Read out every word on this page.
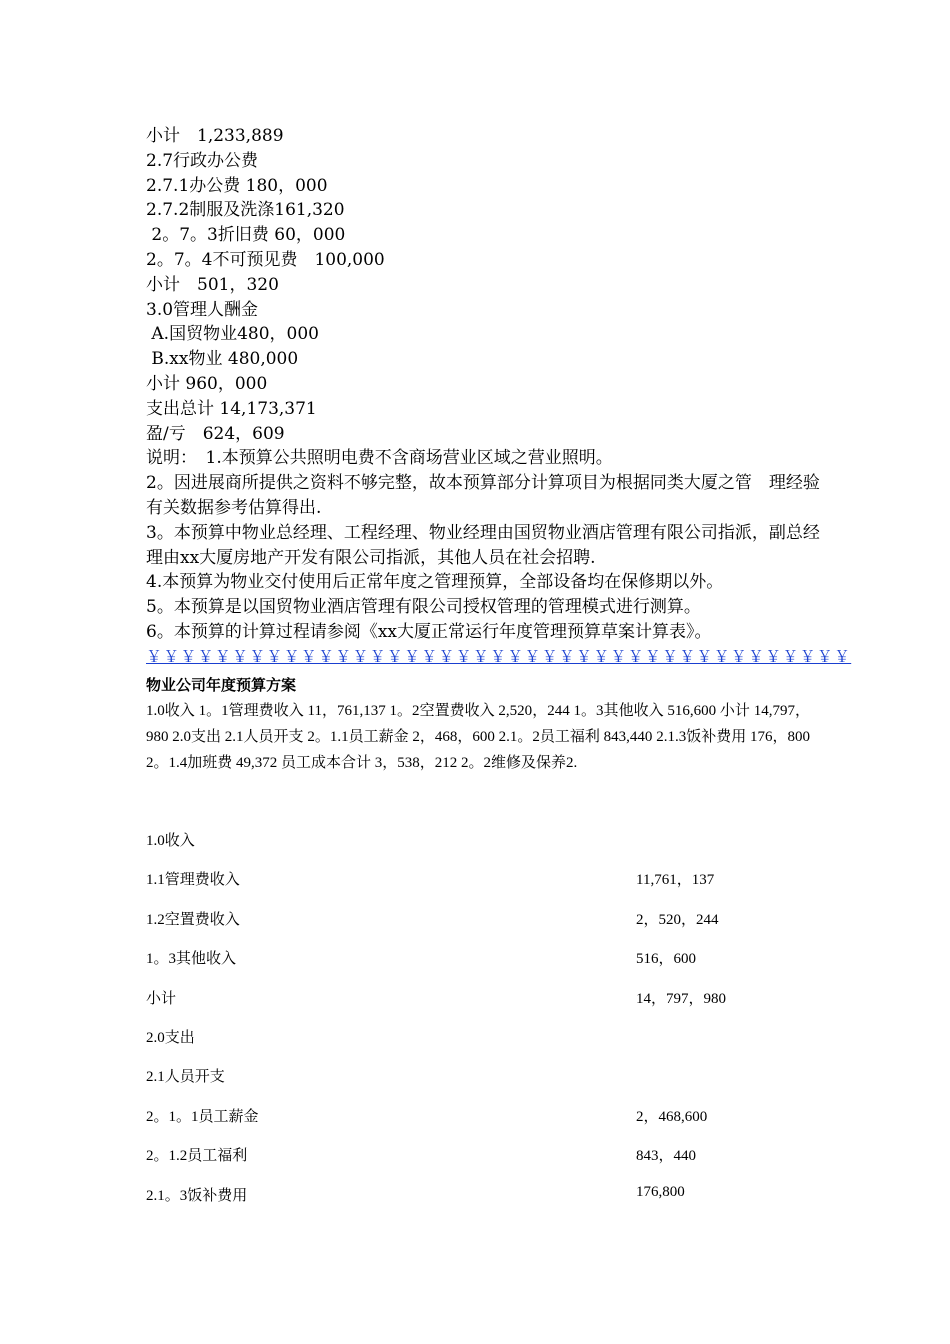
小计　1,233,889
2.7行政办公费
2.7.1办公费 180，000
2.7.2制服及洗涤161,320
2。7。3折旧费 60，000
2。7。4不可预见费　100,000
小计　501，320
3.0管理人酬金
A.国贸物业480，000
B.xx物业 480,000
小计 960，000
支出总计 14,173,371
盈/亏　624，609
说明：　1.本预算公共照明电费不含商场营业区域之营业照明。
2。因进展商所提供之资料不够完整，故本预算部分计算项目为根据同类大厦之管　理经验有关数据参考估算得出.
3。本预算中物业总经理、工程经理、物业经理由国贸物业酒店管理有限公司指派，副总经理由xx大厦房地产开发有限公司指派，其他人员在社会招聘.
4.本预算为物业交付使用后正常年度之管理预算，全部设备均在保修期以外。
5。本预算是以国贸物业酒店管理有限公司授权管理的管理模式进行测算。
6。本预算的计算过程请参阅《xx大厦正常运行年度管理预算草案计算表》。
￥￥￥￥￥￥￥￥￥￥￥￥￥￥￥￥￥￥￥￥￥￥￥￥￥￥￥￥￥￥￥￥￥￥￥￥￥￥￥￥￥
物业公司年度预算方案
1.0收入 1。1管理费收入 11，761,137 1。2空置费收入 2,520，244 1。3其他收入 516,600 小计 14,797，980 2.0支出 2.1人员开支 2。1.1员工薪金 2，468，600 2.1。2员工福利 843,440 2.1.3饭补费用 176，800 2。1.4加班费 49,372 员工成本合计 3，538，212 2。2维修及保养2.
1.0收入
1.1管理费收入	11,761，137
1.2空置费收入	2，520，244
1。3其他收入	516，600
小计	14，797，980
2.0支出
2.1人员开支
2。1。1员工薪金	2，468,600
2。1.2员工福利	843，440
2.1。3饭补费用	176,800
